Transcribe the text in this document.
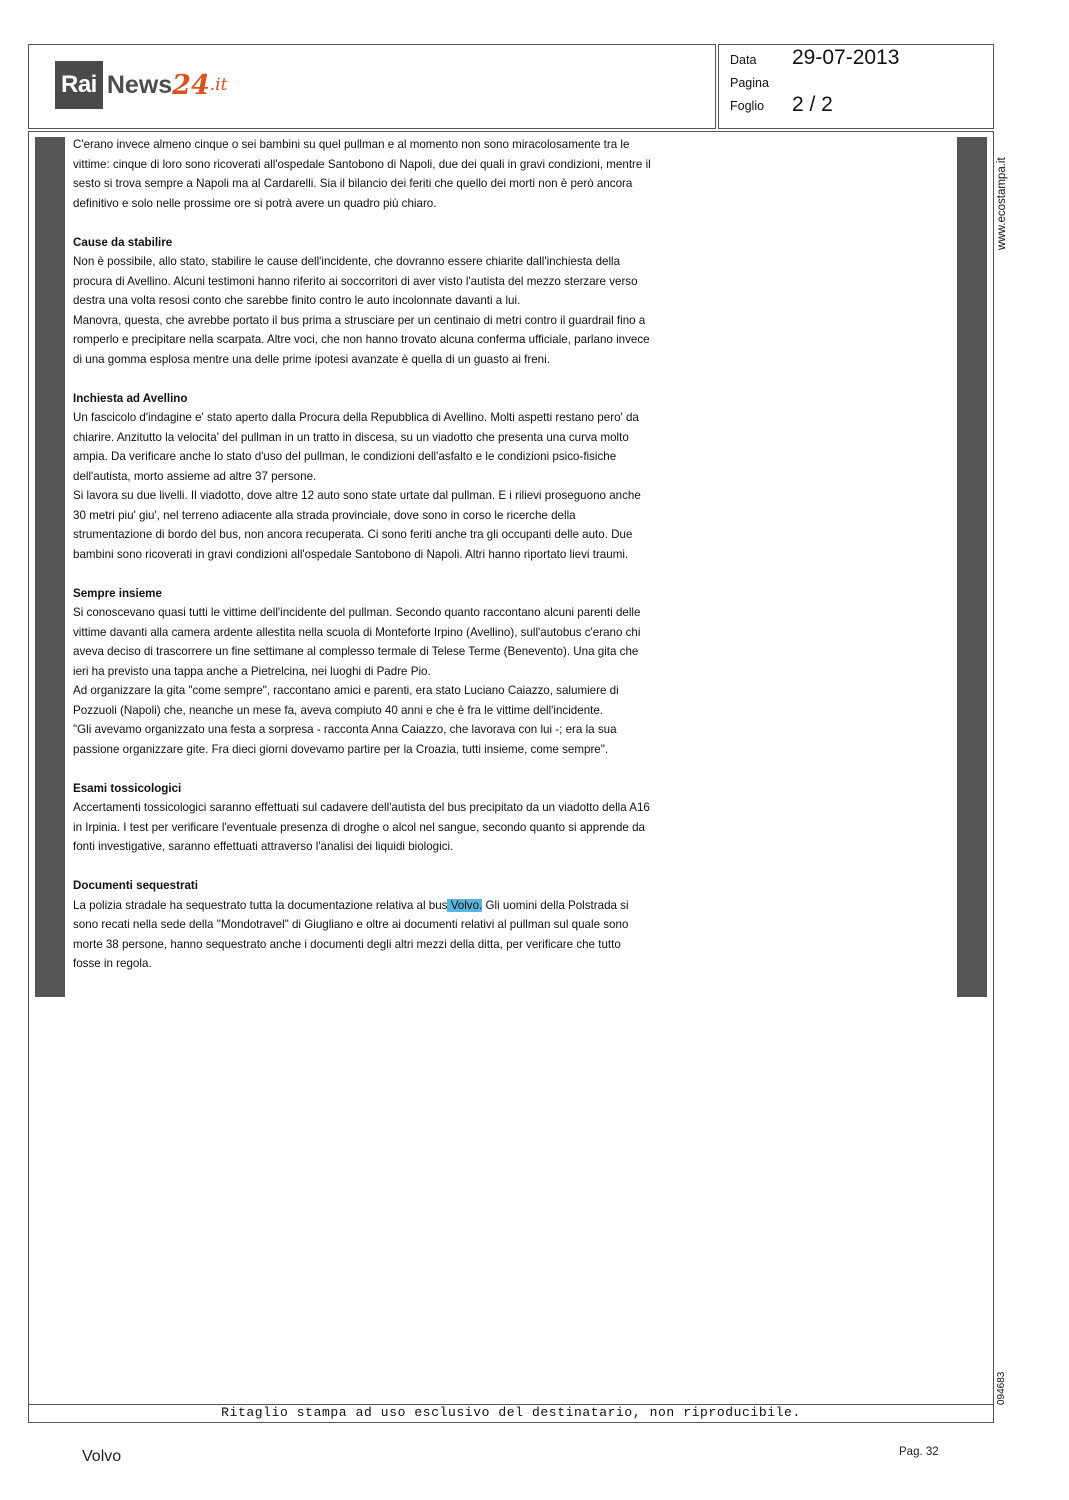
Rai News 24 .it
Data 29-07-2013
Pagina
Foglio 2 / 2

C'erano invece almeno cinque o sei bambini su quel pullman e al momento non sono miracolosamente tra le vittime: cinque di loro sono ricoverati all'ospedale Santobono di Napoli, due dei quali in gravi condizioni, mentre il sesto si trova sempre a Napoli ma al Cardarelli. Sia il bilancio dei feriti che quello dei morti non è però ancora definitivo e solo nelle prossime ore si potrà avere un quadro più chiaro.

Cause da stabilire

Non è possibile, allo stato, stabilire le cause dell'incidente, che dovranno essere chiarite dall'inchiesta della procura di Avellino. Alcuni testimoni hanno riferito ai soccorritori di aver visto l'autista del mezzo sterzare verso destra una volta resosi conto che sarebbe finito contro le auto incolonnate davanti a lui.

Manovra, questa, che avrebbe portato il bus prima a strusciare per un centinaio di metri contro il guardrail fino a romperlo e precipitare nella scarpata. Altre voci, che non hanno trovato alcuna conferma ufficiale, parlano invece di una gomma esplosa mentre una delle prime ipotesi avanzate è quella di un guasto ai freni.

Inchiesta ad Avellino

Un fascicolo d'indagine e' stato aperto dalla Procura della Repubblica di Avellino. Molti aspetti restano pero' da chiarire. Anzitutto la velocita' del pullman in un tratto in discesa, su un viadotto che presenta una curva molto ampia. Da verificare anche lo stato d'uso del pullman, le condizioni dell'asfalto e le condizioni psico-fisiche dell'autista, morto assieme ad altre 37 persone.

Si lavora su due livelli. Il viadotto, dove altre 12 auto sono state urtate dal pullman. E i rilievi proseguono anche 30 metri piu' giu', nel terreno adiacente alla strada provinciale, dove sono in corso le ricerche della strumentazione di bordo del bus, non ancora recuperata. Ci sono feriti anche tra gli occupanti delle auto. Due bambini sono ricoverati in gravi condizioni all'ospedale Santobono di Napoli. Altri hanno riportato lievi traumi.

Sempre insieme

Si conoscevano quasi tutti le vittime dell'incidente del pullman. Secondo quanto raccontano alcuni parenti delle vittime davanti alla camera ardente allestita nella scuola di Monteforte Irpino (Avellino), sull'autobus c'erano chi aveva deciso di trascorrere un fine settimane al complesso termale di Telese Terme (Benevento). Una gita che ieri ha previsto una tappa anche a Pietrelcina, nei luoghi di Padre Pio.

Ad organizzare la gita "come sempre", raccontano amici e parenti, era stato Luciano Caiazzo, salumiere di Pozzuoli (Napoli) che, neanche un mese fa, aveva compiuto 40 anni e che è fra le vittime dell'incidente.

"Gli avevamo organizzato una festa a sorpresa - racconta Anna Caiazzo, che lavorava con lui -; era la sua passione organizzare gite. Fra dieci giorni dovevamo partire per la Croazia, tutti insieme, come sempre".

Esami tossicologici

Accertamenti tossicologici saranno effettuati sul cadavere dell'autista del bus precipitato da un viadotto della A16 in Irpinia. I test per verificare l'eventuale presenza di droghe o alcol nel sangue, secondo quanto si apprende da fonti investigative, saranno effettuati attraverso l'analisi dei liquidi biologici.

Documenti sequestrati

La polizia stradale ha sequestrato tutta la documentazione relativa al bus Volvo. Gli uomini della Polstrada si sono recati nella sede della "Mondotravel" di Giugliano e oltre ai documenti relativi al pullman sul quale sono morte 38 persone, hanno sequestrato anche i documenti degli altri mezzi della ditta, per verificare che tutto fosse in regola.

www.ecostampa.it
094683
Ritaglio stampa ad uso esclusivo del destinatario, non riproducibile.
Volvo	Pag. 32
